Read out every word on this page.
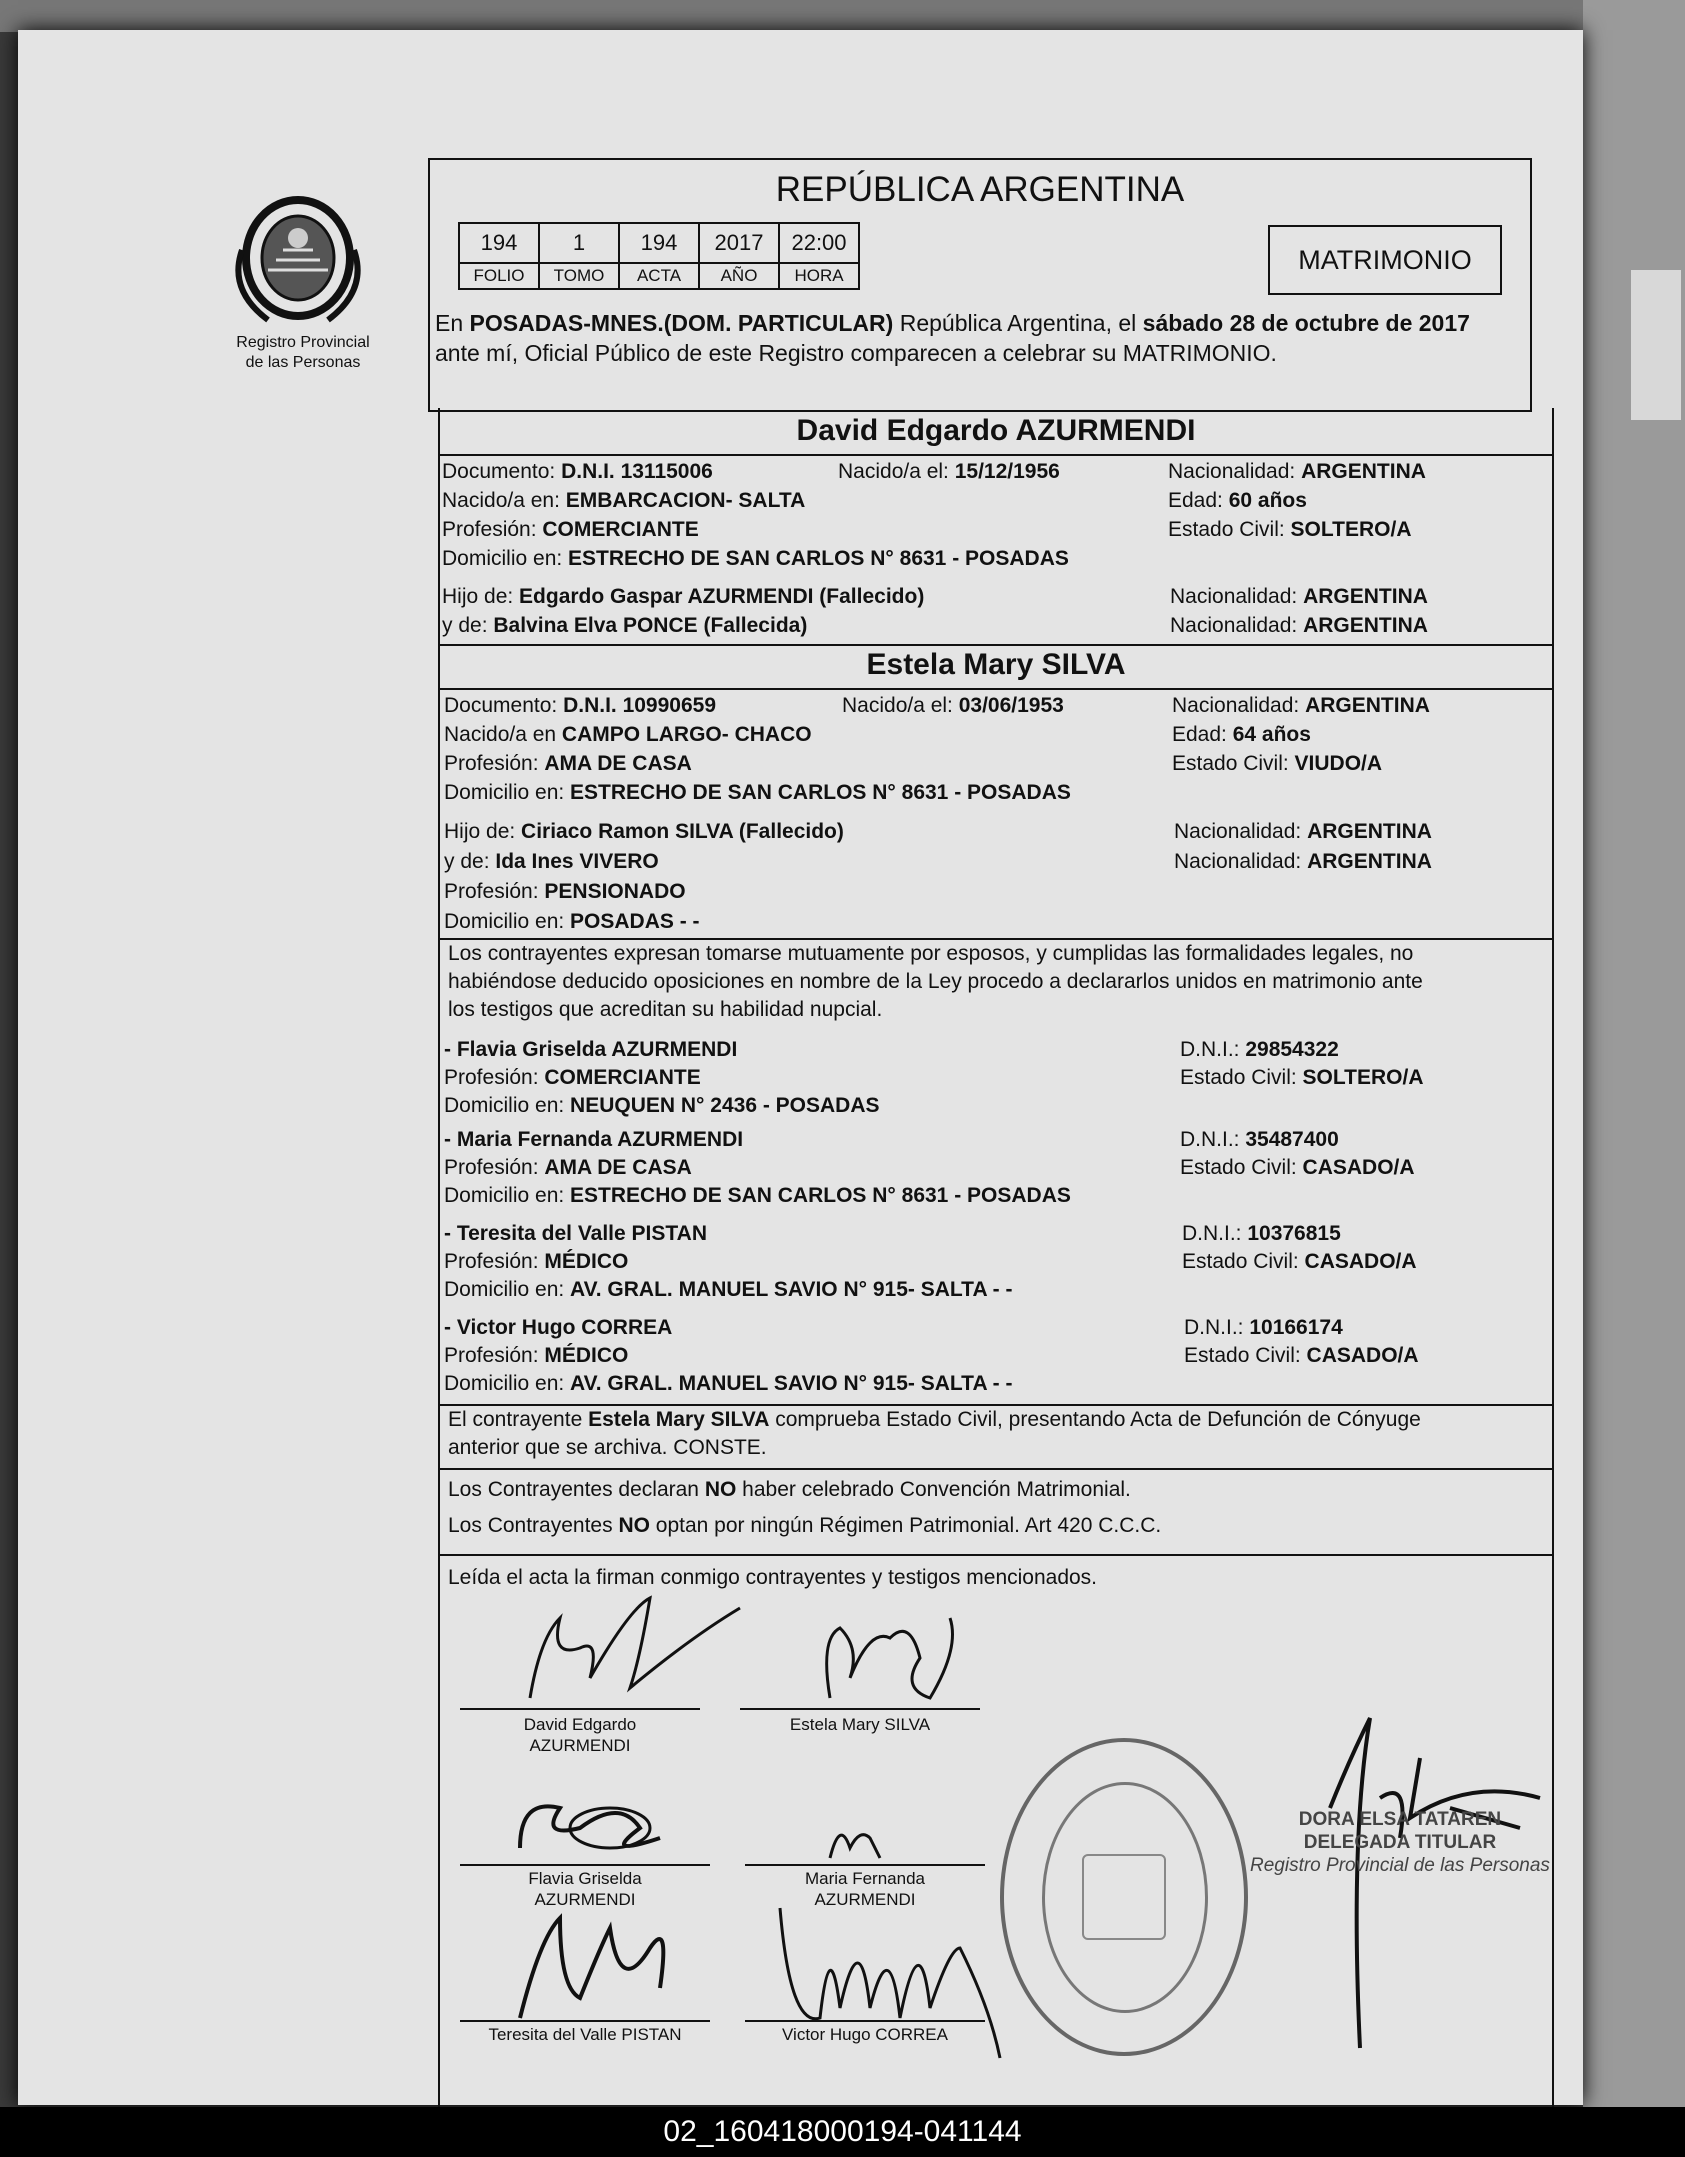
Registro Provincial
de las Personas
REPÚBLICA ARGENTINA
194	1	194	2017	22:00
FOLIO	TOMO	ACTA	AÑO	HORA
MATRIMONIO
En POSADAS-MNES.(DOM. PARTICULAR) República Argentina, el sábado 28 de octubre de 2017 ante mí, Oficial Público de este Registro comparecen a celebrar su MATRIMONIO.
David Edgardo AZURMENDI
Documento: D.N.I. 13115006	Nacido/a el: 15/12/1956	Nacionalidad: ARGENTINA
Nacido/a en: EMBARCACION- SALTA	Edad: 60 años
Profesión: COMERCIANTE	Estado Civil: SOLTERO/A
Domicilio en: ESTRECHO DE SAN CARLOS N° 8631 - POSADAS
Hijo de: Edgardo Gaspar AZURMENDI (Fallecido)	Nacionalidad: ARGENTINA
y de: Balvina Elva PONCE (Fallecida)	Nacionalidad: ARGENTINA
Estela Mary SILVA
Documento: D.N.I. 10990659	Nacido/a el: 03/06/1953	Nacionalidad: ARGENTINA
Nacido/a en CAMPO LARGO- CHACO	Edad: 64 años
Profesión: AMA DE CASA	Estado Civil: VIUDO/A
Domicilio en: ESTRECHO DE SAN CARLOS N° 8631 - POSADAS
Hijo de: Ciriaco Ramon SILVA (Fallecido)	Nacionalidad: ARGENTINA
y de: Ida Ines VIVERO	Nacionalidad: ARGENTINA
Profesión: PENSIONADO
Domicilio en: POSADAS - -
Los contrayentes expresan tomarse mutuamente por esposos, y cumplidas las formalidades legales, no
habiéndose deducido oposiciones en nombre de la Ley procedo a declararlos unidos en matrimonio ante
los testigos que acreditan su habilidad nupcial.
- Flavia Griselda AZURMENDI	D.N.I.: 29854322
Profesión: COMERCIANTE	Estado Civil: SOLTERO/A
Domicilio en: NEUQUEN N° 2436 - POSADAS
- Maria Fernanda AZURMENDI	D.N.I.: 35487400
Profesión: AMA DE CASA	Estado Civil: CASADO/A
Domicilio en: ESTRECHO DE SAN CARLOS N° 8631 - POSADAS
- Teresita del Valle PISTAN	D.N.I.: 10376815
Profesión: MÉDICO	Estado Civil: CASADO/A
Domicilio en: AV. GRAL. MANUEL SAVIO N° 915- SALTA - -
- Victor Hugo CORREA	D.N.I.: 10166174
Profesión: MÉDICO	Estado Civil: CASADO/A
Domicilio en: AV. GRAL. MANUEL SAVIO N° 915- SALTA - -
El contrayente Estela Mary SILVA comprueba Estado Civil, presentando Acta de Defunción de Cónyuge
anterior que se archiva. CONSTE.
Los Contrayentes declaran NO haber celebrado Convención Matrimonial.
Los Contrayentes NO optan por ningún Régimen Patrimonial. Art 420 C.C.C.
Leída el acta la firman conmigo contrayentes y testigos mencionados.
David Edgardo
AZURMENDI
Estela Mary SILVA
Flavia Griselda
AZURMENDI
Maria Fernanda
AZURMENDI
Teresita del Valle PISTAN	Victor Hugo CORREA
DORA ELSA TATAREN
DELEGADA TITULAR
Registro Provincial de las Personas
02_160418000194-041144
